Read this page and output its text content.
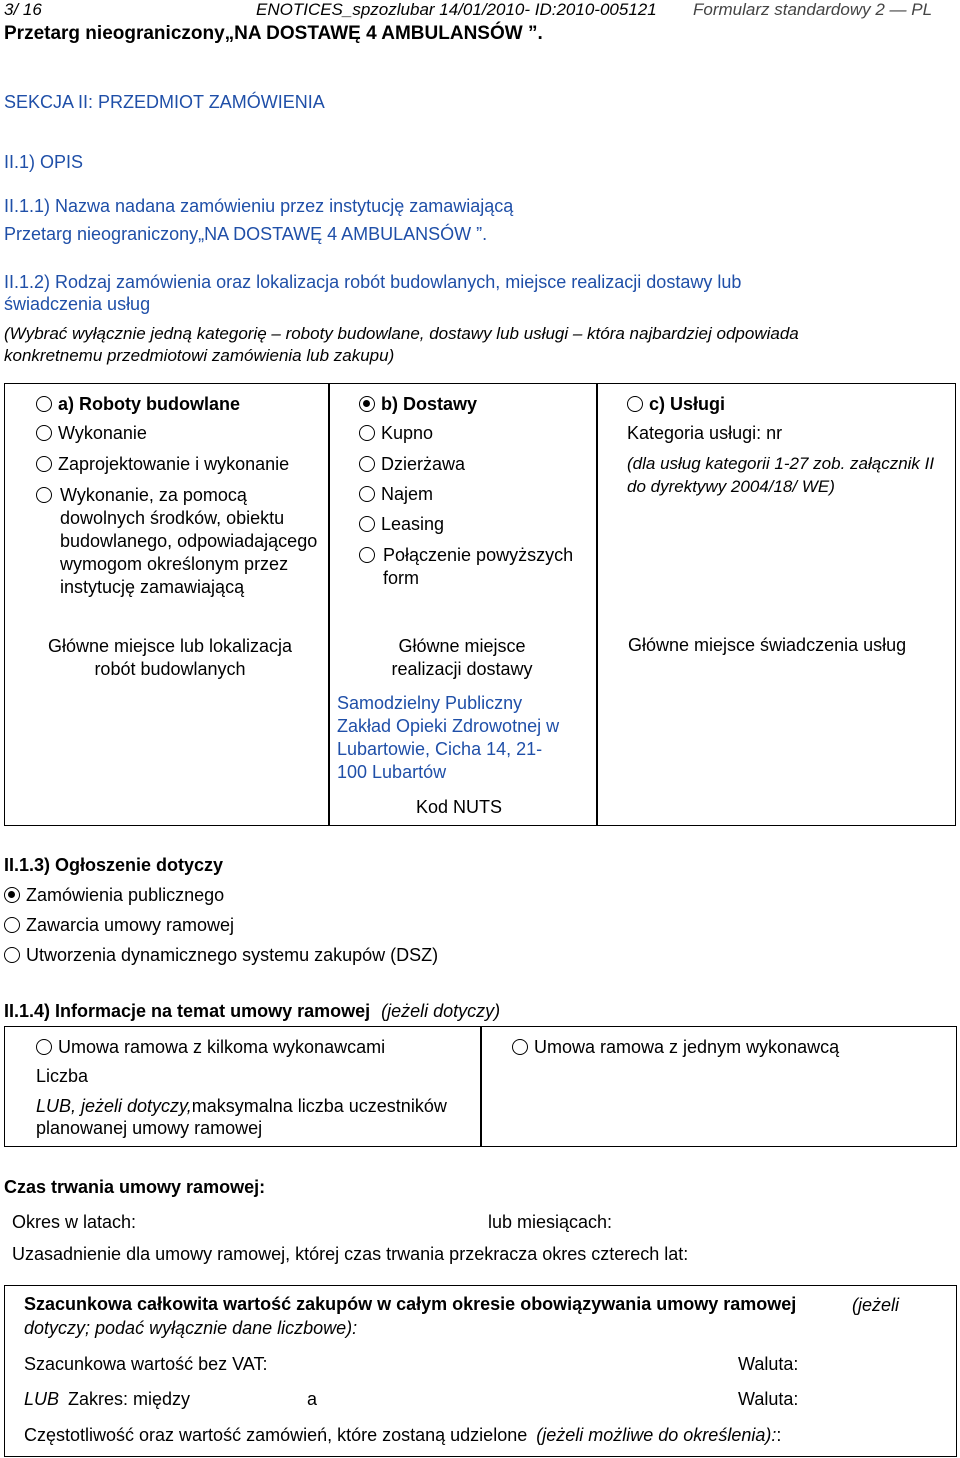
3/ 16	ENOTICES_spzozlubar 14/01/2010- ID:2010-005121 Formularz standardowy 2 — PL
Przetarg nieograniczony„NA DOSTAWĘ 4 AMBULANSÓW ”.
SEKCJA II: PRZEDMIOT ZAMÓWIENIA
II.1) OPIS
II.1.1) Nazwa nadana zamówieniu przez instytucję zamawiającą
Przetarg nieograniczony„NA DOSTAWĘ 4 AMBULANSÓW ”.
II.1.2) Rodzaj zamówienia oraz lokalizacja robót budowlanych, miejsce realizacji dostawy lub
świadczenia usług
(Wybrać wyłącznie jedną kategorię – roboty budowlane, dostawy lub usługi – która najbardziej odpowiada
konkretnemu przedmiotowi zamówienia lub zakupu)
a) Roboty budowlane
Wykonanie
Zaprojektowanie i wykonanie
Wykonanie, za pomocą dowolnych środków, obiektu budowlanego, odpowiadającego wymogom określonym przez instytucję zamawiającą
Główne miejsce lub lokalizacja robót budowlanych
b) Dostawy
Kupno
Dzierżawa
Najem
Leasing
Połączenie powyższych form
Główne miejsce realizacji dostawy
Samodzielny Publiczny Zakład Opieki Zdrowotnej w Lubartowie, Cicha 14, 21-100 Lubartów
Kod NUTS
c) Usługi
Kategoria usługi: nr
(dla usług kategorii 1-27 zob. załącznik II do dyrektywy 2004/18/ WE)
Główne miejsce świadczenia usług
II.1.3) Ogłoszenie dotyczy
Zamówienia publicznego
Zawarcia umowy ramowej
Utworzenia dynamicznego systemu zakupów (DSZ)
II.1.4) Informacje na temat umowy ramowej (jeżeli dotyczy)
Umowa ramowa z kilkoma wykonawcami
Liczba
LUB, jeżeli dotyczy,maksymalna liczba uczestników
planowanej umowy ramowej
Umowa ramowa z jednym wykonawcą
Czas trwania umowy ramowej:
Okres w latach:	lub miesiącach:
Uzasadnienie dla umowy ramowej, której czas trwania przekracza okres czterech lat:
Szacunkowa całkowita wartość zakupów w całym okresie obowiązywania umowy ramowej	(jeżeli dotyczy; podać wyłącznie dane liczbowe):
Szacunkowa wartość bez VAT:	Waluta:
LUB Zakres: między	a	Waluta:
Częstotliwość oraz wartość zamówień, które zostaną udzielone (jeżeli możliwe do określenia)::
